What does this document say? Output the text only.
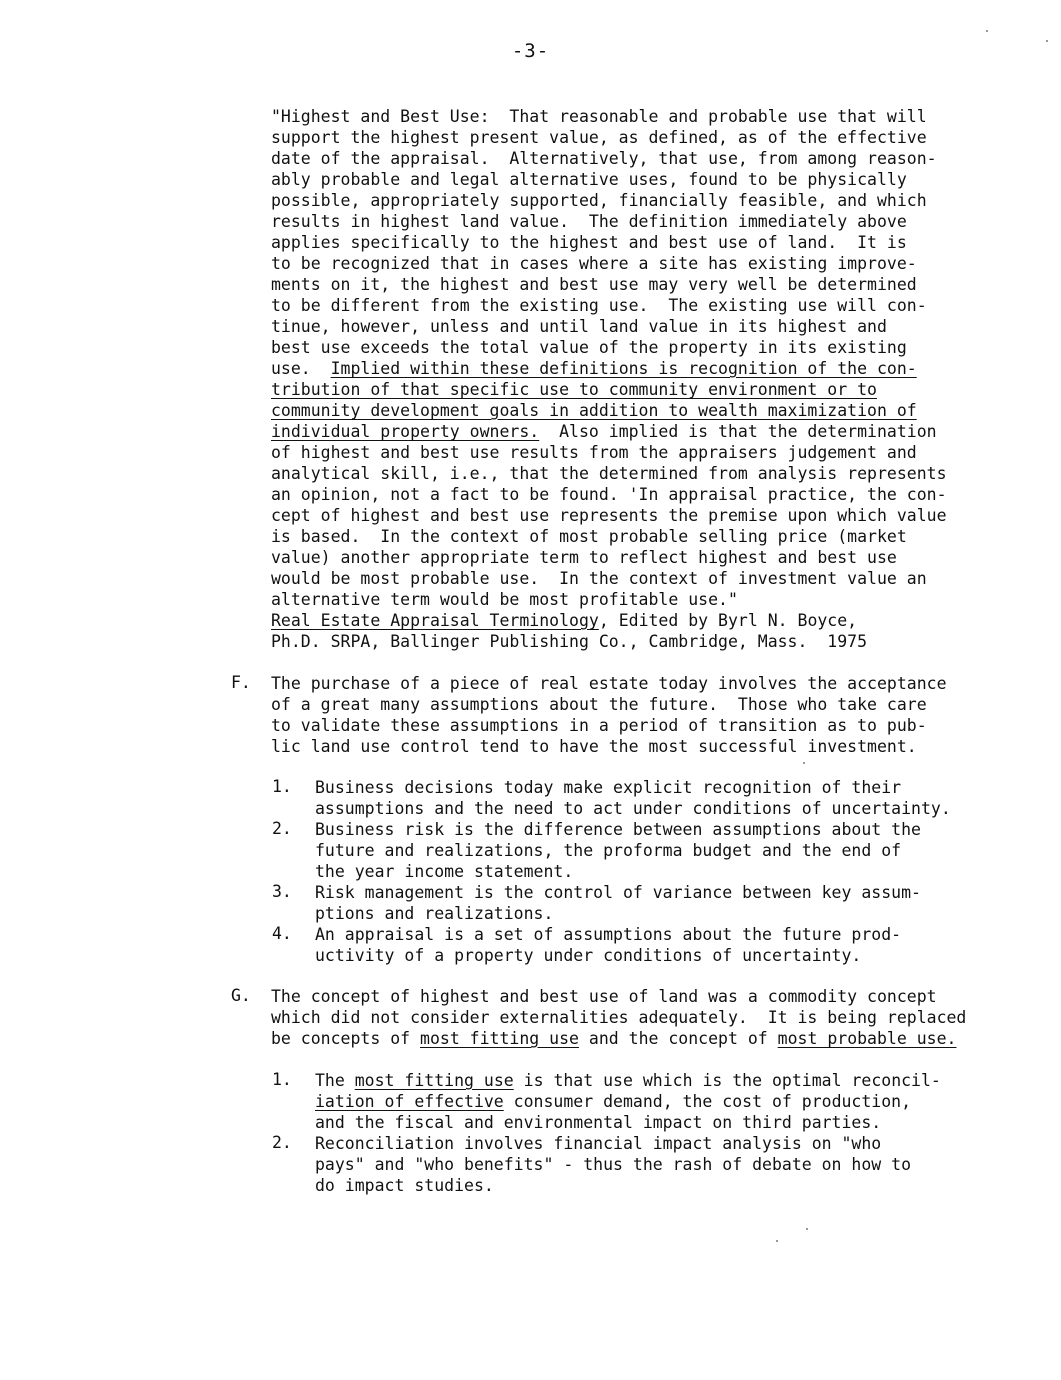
-3-
"Highest and Best Use:  That reasonable and probable use that will
support the highest present value, as defined, as of the effective
date of the appraisal.  Alternatively, that use, from among reason-
ably probable and legal alternative uses, found to be physically
possible, appropriately supported, financially feasible, and which
results in highest land value.  The definition immediately above
applies specifically to the highest and best use of land.  It is
to be recognized that in cases where a site has existing improve-
ments on it, the highest and best use may very well be determined
to be different from the existing use.  The existing use will con-
tinue, however, unless and until land value in its highest and
best use exceeds the total value of the property in its existing
use.  Implied within these definitions is recognition of the con-
tribution of that specific use to community environment or to
community development goals in addition to wealth maximization of
individual property owners.  Also implied is that the determination
of highest and best use results from the appraisers judgement and
analytical skill, i.e., that the determined from analysis represents
an opinion, not a fact to be found. 'In appraisal practice, the con-
cept of highest and best use represents the premise upon which value
is based.  In the context of most probable selling price (market
value) another appropriate term to reflect highest and best use
would be most probable use.  In the context of investment value an
alternative term would be most profitable use."
Real Estate Appraisal Terminology, Edited by Byrl N. Boyce,
Ph.D. SRPA, Ballinger Publishing Co., Cambridge, Mass.  1975
F. The purchase of a piece of real estate today involves the acceptance
of a great many assumptions about the future.  Those who take care
to validate these assumptions in a period of transition as to pub-
lic land use control tend to have the most successful investment.
1. Business decisions today make explicit recognition of their
assumptions and the need to act under conditions of uncertainty.
2. Business risk is the difference between assumptions about the
future and realizations, the proforma budget and the end of
the year income statement.
3. Risk management is the control of variance between key assum-
ptions and realizations.
4. An appraisal is a set of assumptions about the future prod-
uctivity of a property under conditions of uncertainty.
G. The concept of highest and best use of land was a commodity concept
which did not consider externalities adequately.  It is being replaced
be concepts of most fitting use and the concept of most probable use.
1. The most fitting use is that use which is the optimal reconcil-
iation of effective consumer demand, the cost of production,
and the fiscal and environmental impact on third parties.
2. Reconciliation involves financial impact analysis on "who
pays" and "who benefits" - thus the rash of debate on how to
do impact studies.
